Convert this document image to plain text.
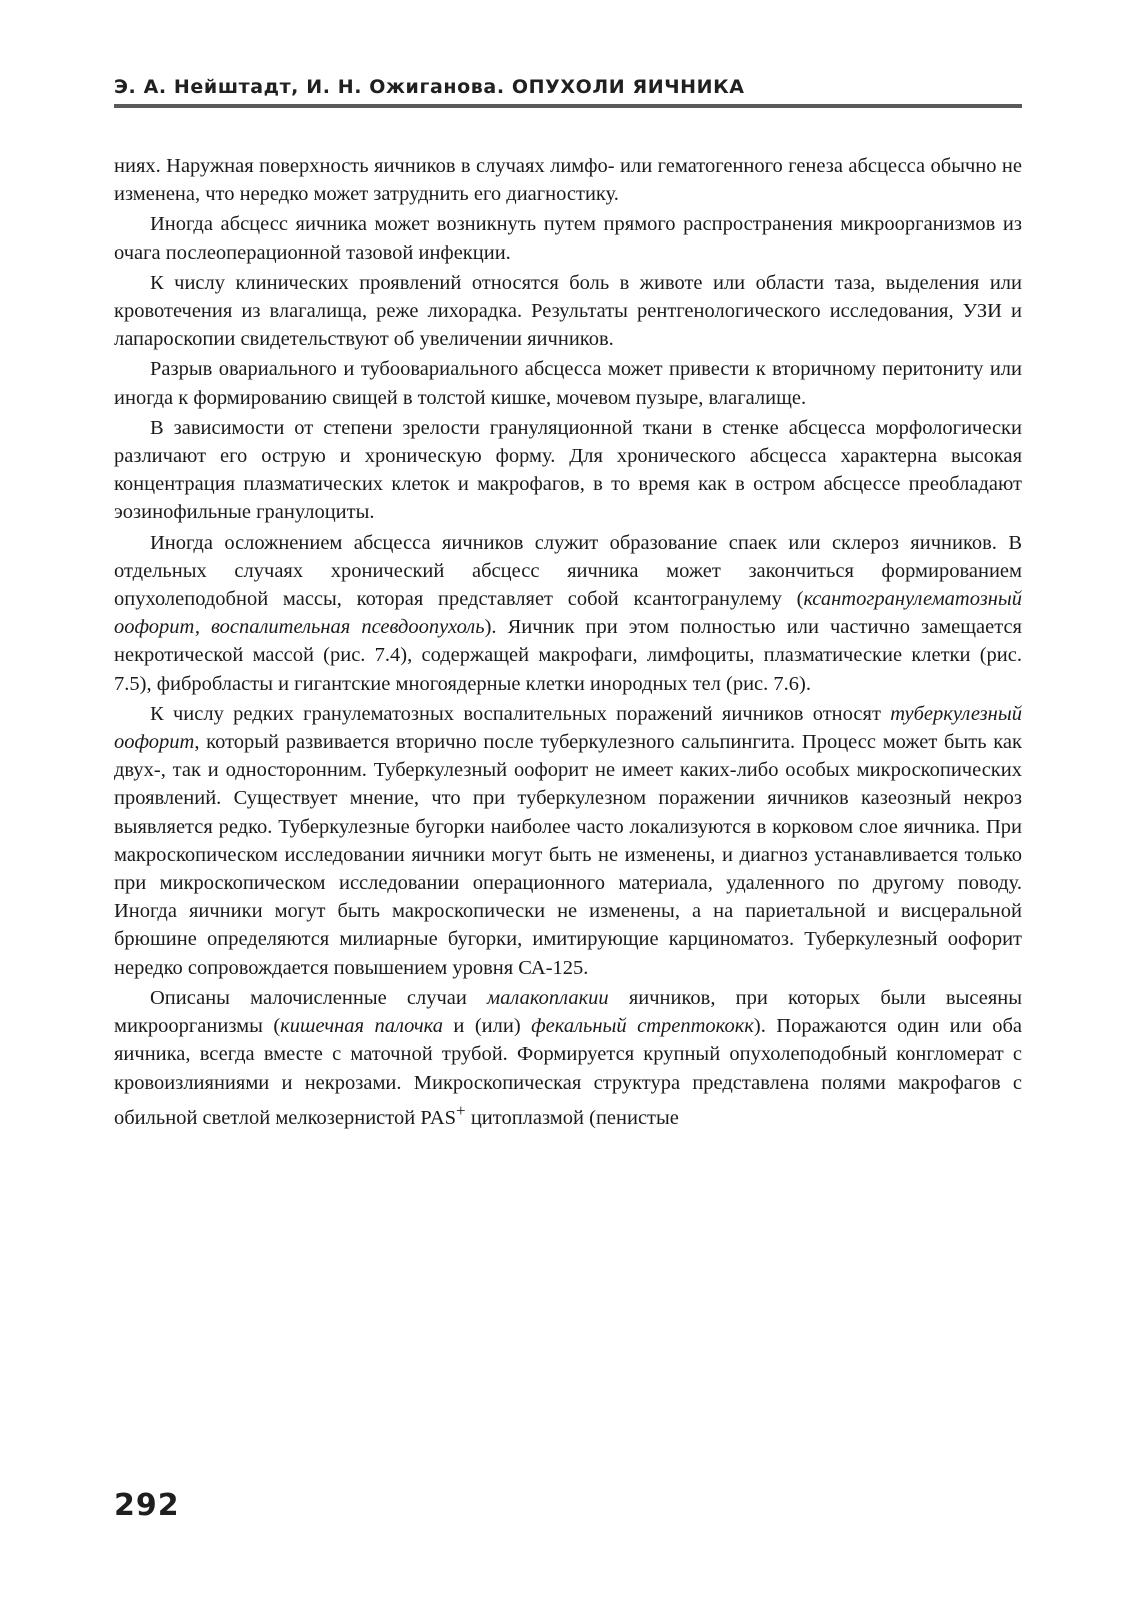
Э. А. Нейштадт, И. Н. Ожиганова. ОПУХОЛИ ЯИЧНИКА

ниях. Наружная поверхность яичников в случаях лимфо- или гематогенного генеза абсцесса обычно не изменена, что нередко может затруднить его диагностику.

Иногда абсцесс яичника может возникнуть путем прямого распространения микроорганизмов из очага послеоперационной тазовой инфекции.

К числу клинических проявлений относятся боль в животе или области таза, выделения или кровотечения из влагалища, реже лихорадка. Результаты рентгенологического исследования, УЗИ и лапароскопии свидетельствуют об увеличении яичников.

Разрыв овариального и тубоовариального абсцесса может привести к вторичному перитониту или иногда к формированию свищей в толстой кишке, мочевом пузыре, влагалище.

В зависимости от степени зрелости грануляционной ткани в стенке абсцесса морфологически различают его острую и хроническую форму. Для хронического абсцесса характерна высокая концентрация плазматических клеток и макрофагов, в то время как в остром абсцессе преобладают эозинофильные гранулоциты.

Иногда осложнением абсцесса яичников служит образование спаек или склероз яичников. В отдельных случаях хронический абсцесс яичника может закончиться формированием опухолеподобной массы, которая представляет собой ксантогранулему (ксантогранулематозный оофорит, воспалительная псевдоопухоль). Яичник при этом полностью или частично замещается некротической массой (рис. 7.4), содержащей макрофаги, лимфоциты, плазматические клетки (рис. 7.5), фибробласты и гигантские многоядерные клетки инородных тел (рис. 7.6).

К числу редких гранулематозных воспалительных поражений яичников относят туберкулезный оофорит, который развивается вторично после туберкулезного сальпингита. Процесс может быть как двух-, так и односторонним. Туберкулезный оофорит не имеет каких-либо особых микроскопических проявлений. Существует мнение, что при туберкулезном поражении яичников казеозный некроз выявляется редко. Туберкулезные бугорки наиболее часто локализуются в корковом слое яичника. При макроскопическом исследовании яичники могут быть не изменены, и диагноз устанавливается только при микроскопическом исследовании операционного материала, удаленного по другому поводу. Иногда яичники могут быть макроскопически не изменены, а на париетальной и висцеральной брюшине определяются милиарные бугорки, имитирующие карциноматоз. Туберкулезный оофорит нередко сопровождается повышением уровня СА-125.

Описаны малочисленные случаи малакоплакии яичников, при которых были высеяны микроорганизмы (кишечная палочка и (или) фекальный стрептококк). Поражаются один или оба яичника, всегда вместе с маточной трубой. Формируется крупный опухолеподобный конгломерат с кровоизлияниями и некрозами. Микроскопическая структура представлена полями макрофагов с обильной светлой мелкозернистой PAS+ цитоплазмой (пенистые

292
